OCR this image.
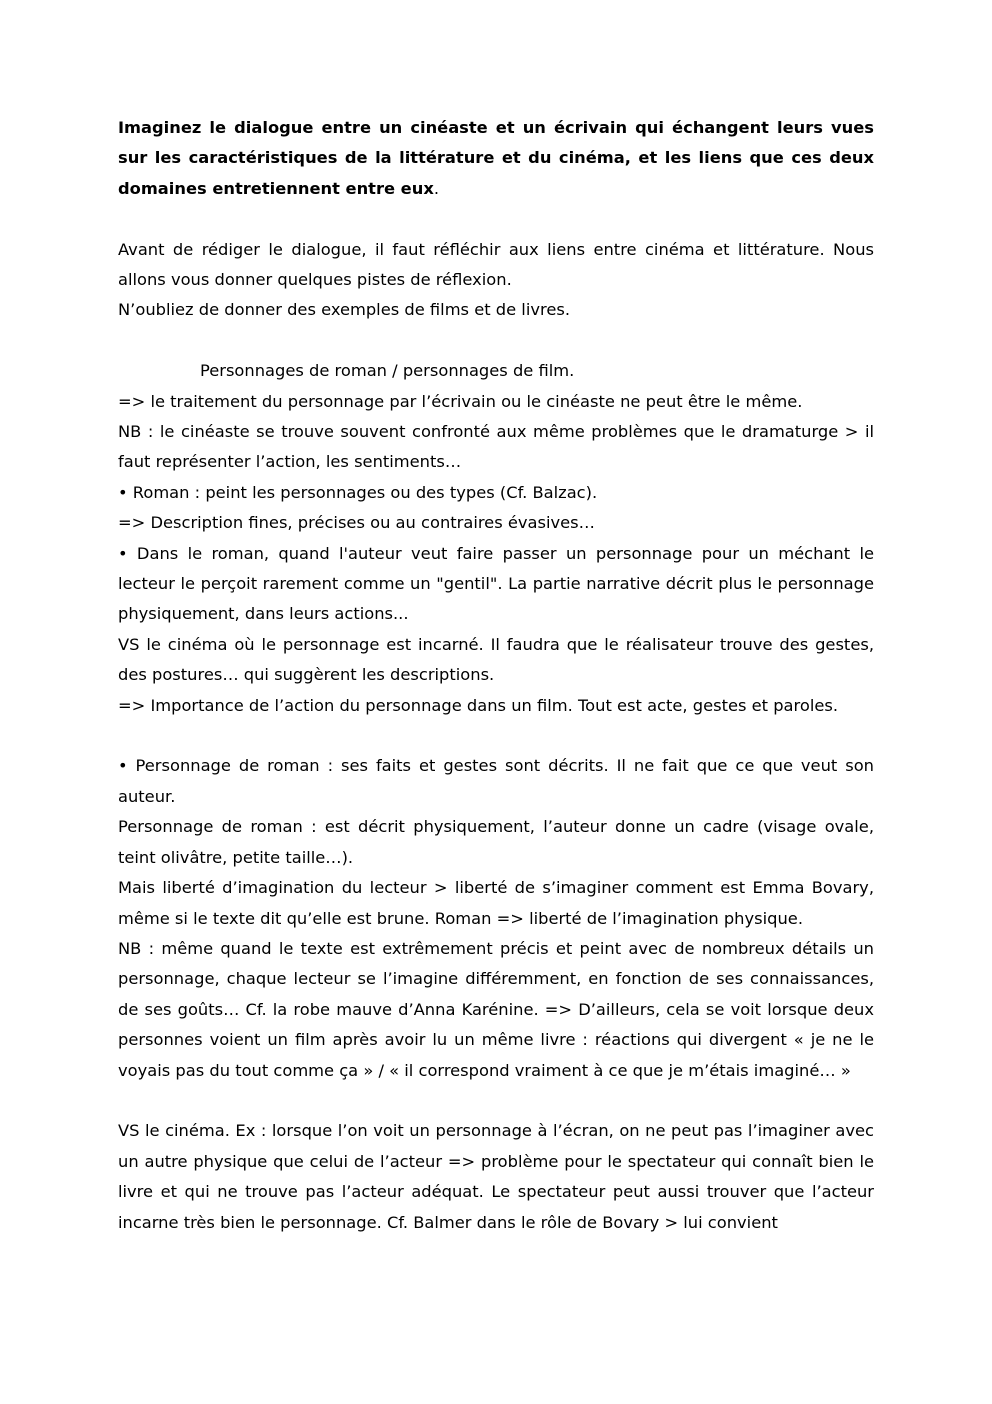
Imaginez le dialogue entre un cinéaste et un écrivain qui échangent leurs vues sur les caractéristiques de la littérature et du cinéma, et les liens que ces deux domaines entretiennent entre eux.

Avant de rédiger le dialogue, il faut réfléchir aux liens entre cinéma et littérature. Nous allons vous donner quelques pistes de réflexion.

N’oubliez de donner des exemples de films et de livres.

Personnages de roman / personnages de film.

=> le traitement du personnage par l’écrivain ou le cinéaste ne peut être le même.

NB : le cinéaste se trouve souvent confronté aux même problèmes que le dramaturge > il faut représenter l’action, les sentiments…

• Roman : peint les personnages ou des types (Cf. Balzac).

=> Description fines, précises ou au contraires évasives…

• Dans le roman, quand l'auteur veut faire passer un personnage pour un méchant le lecteur le perçoit rarement comme un "gentil". La partie narrative décrit plus le personnage physiquement, dans leurs actions...

VS le cinéma où le personnage est incarné. Il faudra que le réalisateur trouve des gestes, des postures… qui suggèrent les descriptions.

=> Importance de l’action du personnage dans un film. Tout est acte, gestes et paroles.

• Personnage de roman : ses faits et gestes sont décrits. Il ne fait que ce que veut son auteur.

Personnage de roman : est décrit physiquement, l’auteur donne un cadre (visage ovale, teint olivâtre, petite taille…).

Mais liberté d’imagination du lecteur > liberté de s’imaginer comment est Emma Bovary, même si le texte dit qu’elle est brune. Roman => liberté de l’imagination physique.

NB : même quand le texte est extrêmement précis et peint avec de nombreux détails un personnage, chaque lecteur se l’imagine différemment, en fonction de ses connaissances, de ses goûts… Cf. la robe mauve d’Anna Karénine. => D’ailleurs, cela se voit lorsque deux personnes voient un film après avoir lu un même livre : réactions qui divergent « je ne le voyais pas du tout comme ça » / « il correspond vraiment à ce que je m’étais imaginé… »

VS le cinéma. Ex : lorsque l’on voit un personnage à l’écran, on ne peut pas l’imaginer avec un autre physique que celui de l’acteur => problème pour le spectateur qui connaît bien le livre et qui ne trouve pas l’acteur adéquat. Le spectateur peut aussi trouver que l’acteur incarne très bien le personnage. Cf. Balmer dans le rôle de Bovary > lui convient
